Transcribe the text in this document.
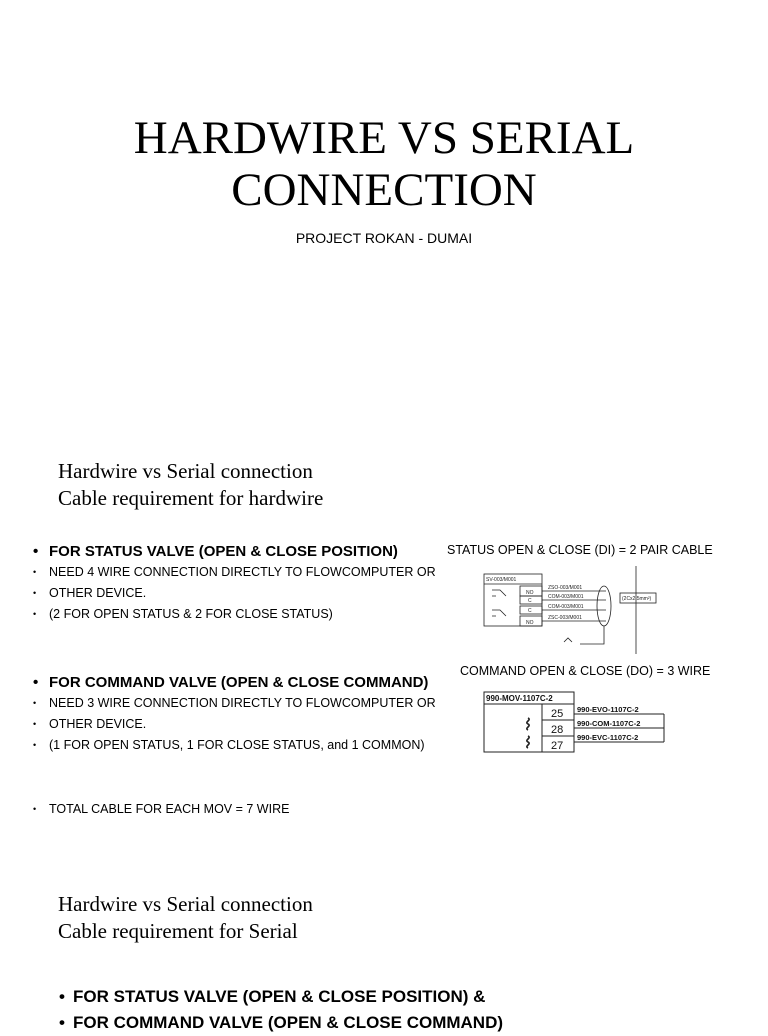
HARDWIRE VS SERIAL
CONNECTION
PROJECT ROKAN - DUMAI
Hardwire vs Serial connection
Cable requirement for hardwire
• FOR STATUS VALVE (OPEN & CLOSE POSITION)
• NEED 4 WIRE CONNECTION DIRECTLY TO FLOWCOMPUTER OR
• OTHER DEVICE.
• (2 FOR OPEN STATUS & 2 FOR CLOSE STATUS)
STATUS OPEN & CLOSE (DI) = 2 PAIR CABLE
SV-003/M001
NO
C
C
NO
ZSO-003/M001
COM-003/M001
COM-003/M001
ZSC-003/M001
(2Cx2.5mm²)
• FOR COMMAND VALVE (OPEN & CLOSE COMMAND)
• NEED 3 WIRE CONNECTION DIRECTLY TO FLOWCOMPUTER OR
• OTHER DEVICE.
• (1 FOR OPEN STATUS, 1 FOR CLOSE STATUS, and 1 COMMON)
COMMAND OPEN & CLOSE (DO) = 3 WIRE
990-MOV-1107C-2
25
28
27
990-EVO-1107C-2
990-COM-1107C-2
990-EVC-1107C-2
• TOTAL CABLE FOR EACH MOV = 7 WIRE
Hardwire vs Serial connection
Cable requirement for Serial
• FOR STATUS VALVE (OPEN & CLOSE POSITION) &
• FOR COMMAND VALVE (OPEN & CLOSE COMMAND)
